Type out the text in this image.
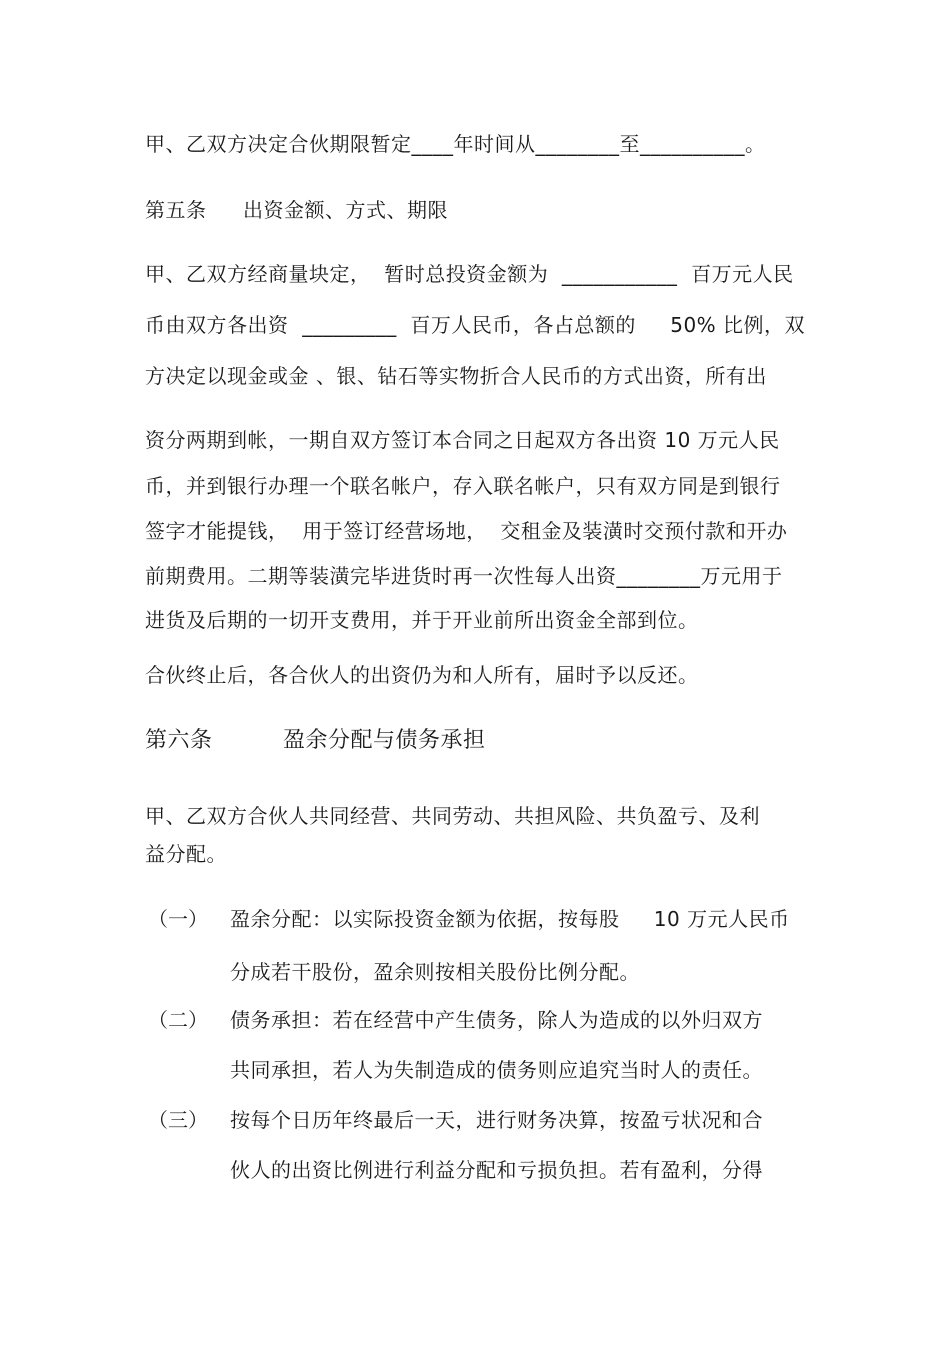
甲、乙双方决定合伙期限暂定____年时间从________至__________。

第五条

出资金额、方式、期限

甲、乙双方经商量块定，  暂时总投资金额为  ___________  百万元人民
币由双方各出资  _________  百万人民币，各占总额的     50% 比例，双
方决定以现金或金 、银、钻石等实物折合人民币的方式出资，所有出
资分两期到帐，一期自双方签订本合同之日起双方各出资 10 万元人民
币，并到银行办理一个联名帐户，存入联名帐户，只有双方同是到银行
签字才能提钱，  用于签订经营场地，  交租金及装潢时交预付款和开办
前期费用。二期等装潢完毕进货时再一次性每人出资________万元用于
进货及后期的一切开支费用，并于开业前所出资金全部到位。
合伙终止后，各合伙人的出资仍为和人所有，届时予以反还。

第六条

	盈余分配与债务承担

甲、乙双方合伙人共同经营、共同劳动、共担风险、共负盈亏、及利
益分配。
（一） 盈余分配：以实际投资金额为依据，按每股     10 万元人民币
分成若干股份，盈余则按相关股份比例分配。
（二） 债务承担：若在经营中产生债务，除人为造成的以外归双方
共同承担，若人为失制造成的债务则应追究当时人的责任。
（三） 按每个日历年终最后一天，进行财务决算，按盈亏状况和合
伙人的出资比例进行利益分配和亏损负担。若有盈利，分得
